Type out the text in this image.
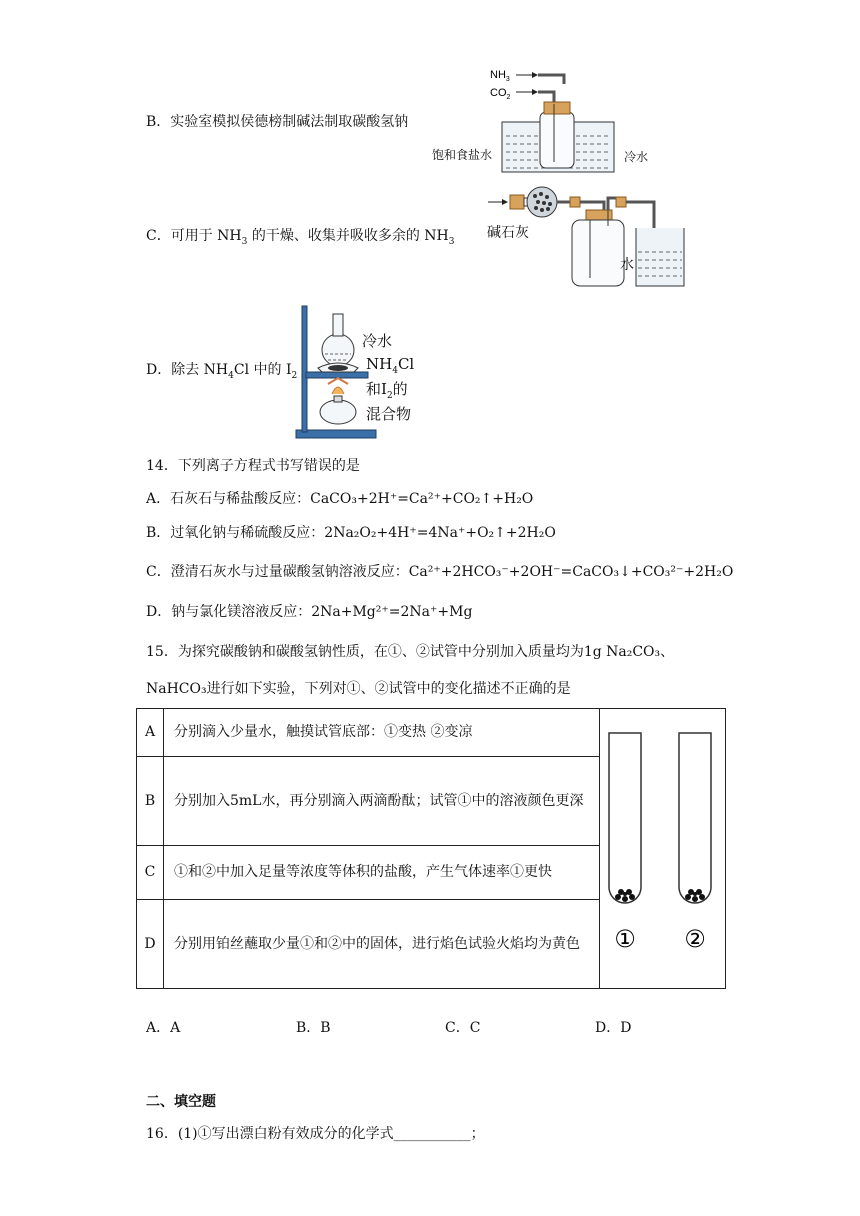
B．实验室模拟侯德榜制碱法制取碳酸氢钠
$NH_3$
$CO_2$
饱和食盐水	冷水
C．可用于 $NH_3$ 的干燥、收集并吸收多余的 $NH_3$
碱石灰
水
D．除去 $NH_4Cl$ 中的 $I_2$
冷水
$NH_4Cl$
和$I_2$的
混合物
14．下列离子方程式书写错误的是
A．石灰石与稀盐酸反应：CaCO₃+2H⁺=Ca²⁺+CO₂↑+H₂O
B．过氧化钠与稀硫酸反应：2Na₂O₂+4H⁺=4Na⁺+O₂↑+2H₂O
C．澄清石灰水与过量碳酸氢钠溶液反应：Ca²⁺+2HCO₃⁻+2OH⁻=CaCO₃↓+CO₃²⁻+2H₂O
D．钠与氯化镁溶液反应：2Na+Mg²⁺=2Na⁺+Mg
15．为探究碳酸钠和碳酸氢钠性质，在①、②试管中分别加入质量均为1g Na₂CO₃、
NaHCO₃进行如下实验，下列对①、②试管中的变化描述不正确的是
A	分别滴入少量水，触摸试管底部：①变热 ②变凉	① ②

B	分别加入5mL水，再分别滴入两滴酚酞；试管①中的溶液颜色更深	
C	①和②中加入足量等浓度等体积的盐酸，产生气体速率①更快	
D	分别用铂丝蘸取少量①和②中的固体，进行焰色试验火焰均为黄色	
A．A	B．B	C．C	D．D
二、填空题
16．(1)①写出漂白粉有效成分的化学式___________；
